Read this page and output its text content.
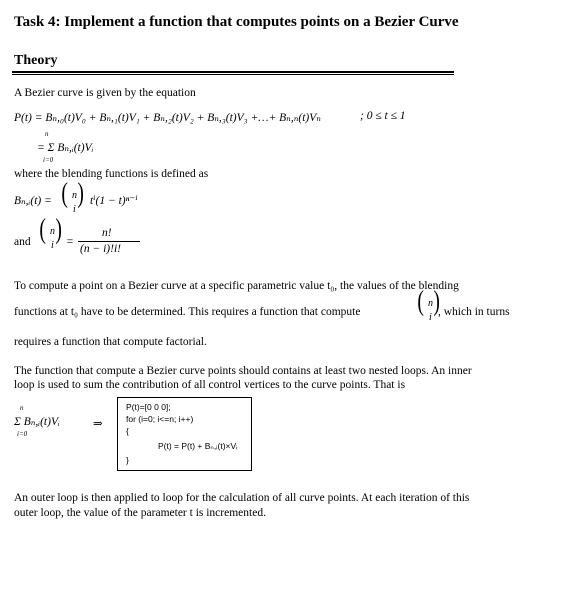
Task 4: Implement a function that computes points on a Bezier Curve
Theory
A Bezier curve is given by the equation
P(t) = Bₙ,₀(t)V₀ + Bₙ,₁(t)V₁ + Bₙ,₂(t)V₂ + Bₙ,₃(t)V₃ +…+ Bₙ,ₙ(t)Vₙ	; 0 ≤ t ≤ 1
= Σ Bₙ,ᵢ(t)Vᵢ
n
i=0
where the blending functions is defined as
Bₙ,ᵢ(t) = ( n
i
) tⁱ(1 − t)ⁿ⁻ⁱ
and ( n
i
) =
n!
(n − i)!i!
To compute a point on a Bezier curve at a specific parametric value t₀, the values of the blending
functions at t₀ have to be determined. This requires a function that compute ( n
i
)
, which in turns
requires a function that compute factorial.
The function that compute a Bezier curve points should contains at least two nested loops. An inner
loop is used to sum the contribution of all control vertices to the curve points. That is
n
Σ Bₙ,ᵢ(t)Vᵢ
i=0
⇒
P(t)=[0 0 0];
for (i=0; i<=n; i++)
{
P(t) = P(t) + Bₙ,ᵢ(t)×Vᵢ
}
An outer loop is then applied to loop for the calculation of all curve points. At each iteration of this
outer loop, the value of the parameter t is incremented.
